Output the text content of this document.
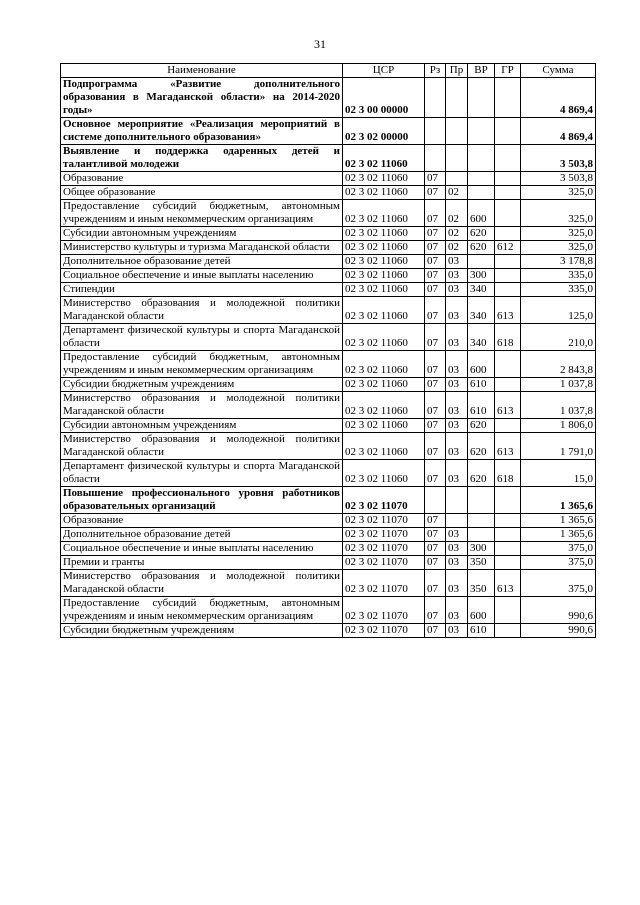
31
Наименование	ЦСР	Рз	Пр	ВР	ГР	Сумма
Подпрограмма «Развитие дополнительного образования в Магаданской области» на 2014-2020 годы»	02 3 00 00000					4 869,4
Основное мероприятие «Реализация мероприятий в системе дополнительного образования»	02 3 02 00000					4 869,4
Выявление и поддержка одаренных детей и талантливой молодежи	02 3 02 11060					3 503,8
Образование	02 3 02 11060	07				3 503,8
Общее образование	02 3 02 11060	07	02			325,0
Предоставление субсидий бюджетным, автономным учреждениям и иным некоммерческим организациям	02 3 02 11060	07	02	600		325,0
Субсидии автономным учреждениям	02 3 02 11060	07	02	620		325,0
Министерство культуры и туризма Магаданской области	02 3 02 11060	07	02	620	612	325,0
Дополнительное образование детей	02 3 02 11060	07	03			3 178,8
Социальное обеспечение и иные выплаты населению	02 3 02 11060	07	03	300		335,0
Стипендии	02 3 02 11060	07	03	340		335,0
Министерство образования и молодежной политики Магаданской области	02 3 02 11060	07	03	340	613	125,0
Департамент физической культуры и спорта Магаданской области	02 3 02 11060	07	03	340	618	210,0
Предоставление субсидий бюджетным, автономным учреждениям и иным некоммерческим организациям	02 3 02 11060	07	03	600		2 843,8
Субсидии бюджетным учреждениям	02 3 02 11060	07	03	610		1 037,8
Министерство образования и молодежной политики Магаданской области	02 3 02 11060	07	03	610	613	1 037,8
Субсидии автономным учреждениям	02 3 02 11060	07	03	620		1 806,0
Министерство образования и молодежной политики Магаданской области	02 3 02 11060	07	03	620	613	1 791,0
Департамент физической культуры и спорта Магаданской области	02 3 02 11060	07	03	620	618	15,0
Повышение профессионального уровня работников образовательных организаций	02 3 02 11070					1 365,6
Образование	02 3 02 11070	07				1 365,6
Дополнительное образование детей	02 3 02 11070	07	03			1 365,6
Социальное обеспечение и иные выплаты населению	02 3 02 11070	07	03	300		375,0
Премии и гранты	02 3 02 11070	07	03	350		375,0
Министерство образования и молодежной политики Магаданской области	02 3 02 11070	07	03	350	613	375,0
Предоставление субсидий бюджетным, автономным учреждениям и иным некоммерческим организациям	02 3 02 11070	07	03	600		990,6
Субсидии бюджетным учреждениям	02 3 02 11070	07	03	610		990,6
